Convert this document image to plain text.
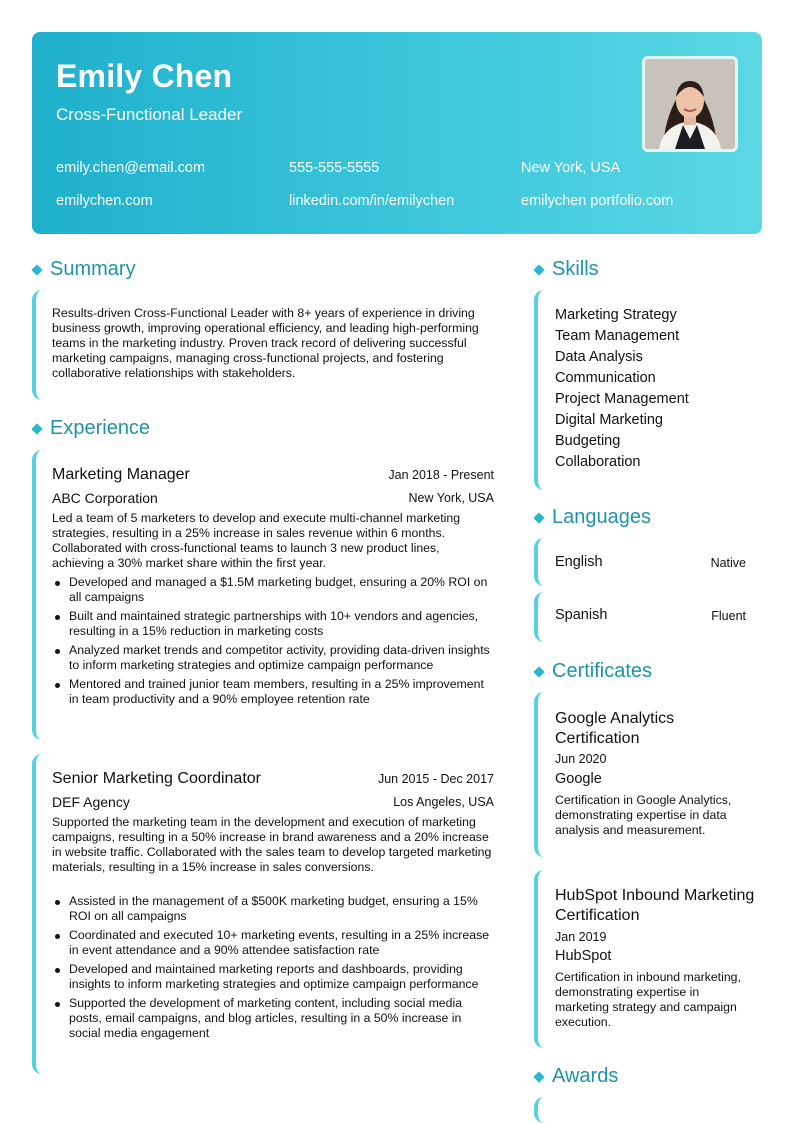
Emily Chen
Cross-Functional Leader
emily.chen@email.com	555-555-5555	New York, USA
emilychen.com	linkedin.com/in/emilychen	emilychen portfolio.com
Summary
Results-driven Cross-Functional Leader with 8+ years of experience in driving business growth, improving operational efficiency, and leading high-performing teams in the marketing industry. Proven track record of delivering successful marketing campaigns, managing cross-functional projects, and fostering collaborative relationships with stakeholders.
Experience
Marketing Manager	Jan 2018 - Present
ABC Corporation	New York, USA
Led a team of 5 marketers to develop and execute multi-channel marketing strategies, resulting in a 25% increase in sales revenue within 6 months. Collaborated with cross-functional teams to launch 3 new product lines, achieving a 30% market share within the first year.
Developed and managed a $1.5M marketing budget, ensuring a 20% ROI on all campaigns
Built and maintained strategic partnerships with 10+ vendors and agencies, resulting in a 15% reduction in marketing costs
Analyzed market trends and competitor activity, providing data-driven insights to inform marketing strategies and optimize campaign performance
Mentored and trained junior team members, resulting in a 25% improvement in team productivity and a 90% employee retention rate
Senior Marketing Coordinator	Jun 2015 - Dec 2017
DEF Agency	Los Angeles, USA
Supported the marketing team in the development and execution of marketing campaigns, resulting in a 50% increase in brand awareness and a 20% increase in website traffic. Collaborated with the sales team to develop targeted marketing materials, resulting in a 15% increase in sales conversions.
Assisted in the management of a $500K marketing budget, ensuring a 15% ROI on all campaigns
Coordinated and executed 10+ marketing events, resulting in a 25% increase in event attendance and a 90% attendee satisfaction rate
Developed and maintained marketing reports and dashboards, providing insights to inform marketing strategies and optimize campaign performance
Supported the development of marketing content, including social media posts, email campaigns, and blog articles, resulting in a 50% increase in social media engagement
Skills
Marketing Strategy
Team Management
Data Analysis
Communication
Project Management
Digital Marketing
Budgeting
Collaboration
Languages
English	Native
Spanish	Fluent
Certificates
Google Analytics Certification
Jun 2020
Google
Certification in Google Analytics, demonstrating expertise in data analysis and measurement.
HubSpot Inbound Marketing Certification
Jan 2019
HubSpot
Certification in inbound marketing, demonstrating expertise in marketing strategy and campaign execution.
Awards
